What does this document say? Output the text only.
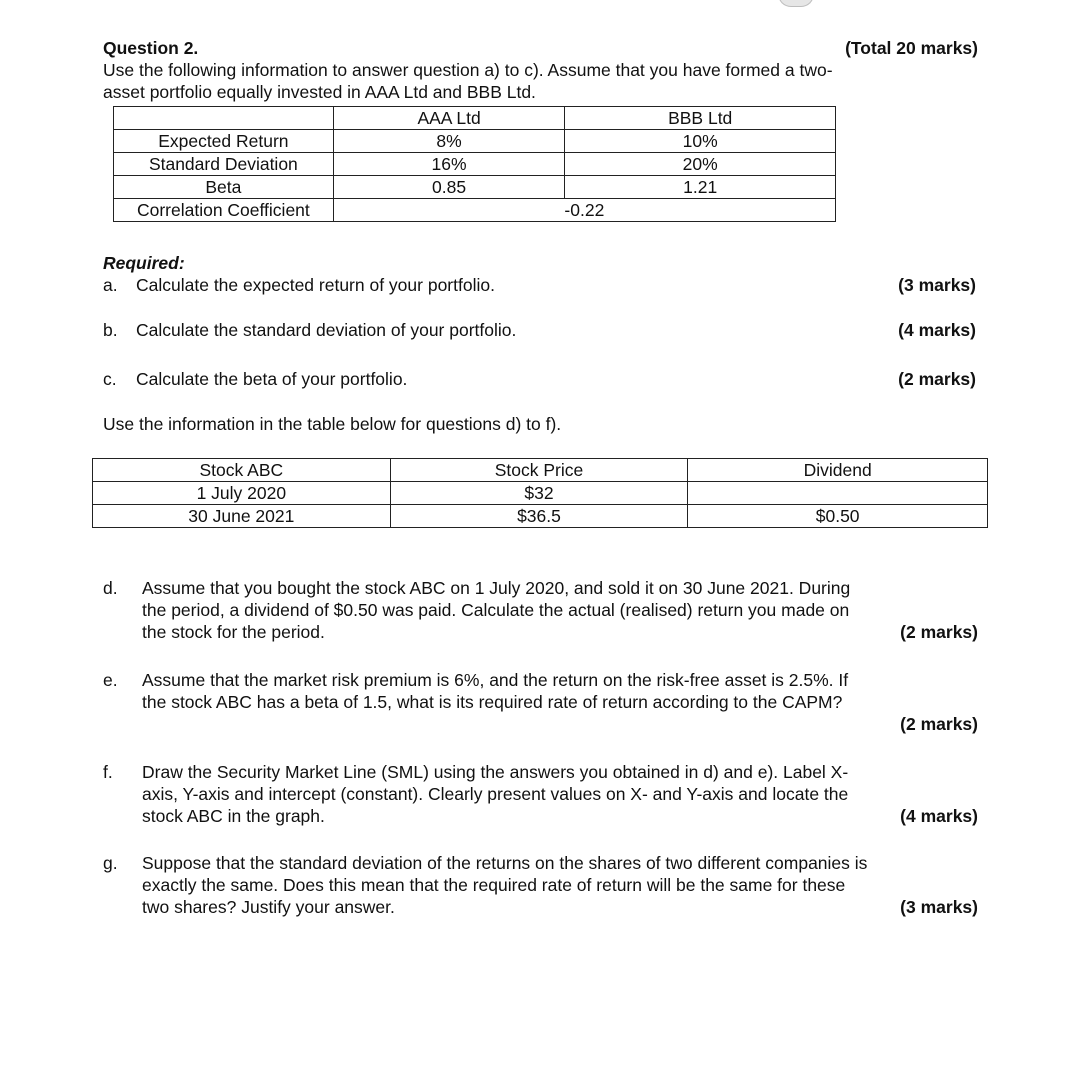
Question 2.	(Total 20 marks)

Use the following information to answer question a) to c). Assume that you have formed a two-

asset portfolio equally invested in AAA Ltd and BBB Ltd.

	AAA Ltd	BBB Ltd
Expected Return	8%	10%
Standard Deviation	16%	20%
Beta	0.85	1.21
Correlation Coefficient	-0.22	
Required:
a. Calculate the expected return of your portfolio.	(3 marks)
b. Calculate the standard deviation of your portfolio.	(4 marks)
c. Calculate the beta of your portfolio.	(2 marks)
Use the information in the table below for questions d) to f).
Stock ABC	Stock Price	Dividend
1 July 2020	$32	
30 June 2021	$36.5	$0.50
d. Assume that you bought the stock ABC on 1 July 2020, and sold it on 30 June 2021. During
the period, a dividend of $0.50 was paid. Calculate the actual (realised) return you made on
the stock for the period.	(2 marks)
e. Assume that the market risk premium is 6%, and the return on the risk-free asset is 2.5%. If
the stock ABC has a beta of 1.5, what is its required rate of return according to the CAPM?
(2 marks)
f. Draw the Security Market Line (SML) using the answers you obtained in d) and e). Label X-
axis, Y-axis and intercept (constant). Clearly present values on X- and Y-axis and locate the
stock ABC in the graph.	(4 marks)
g. Suppose that the standard deviation of the returns on the shares of two different companies is
exactly the same. Does this mean that the required rate of return will be the same for these
two shares? Justify your answer.	(3 marks)
